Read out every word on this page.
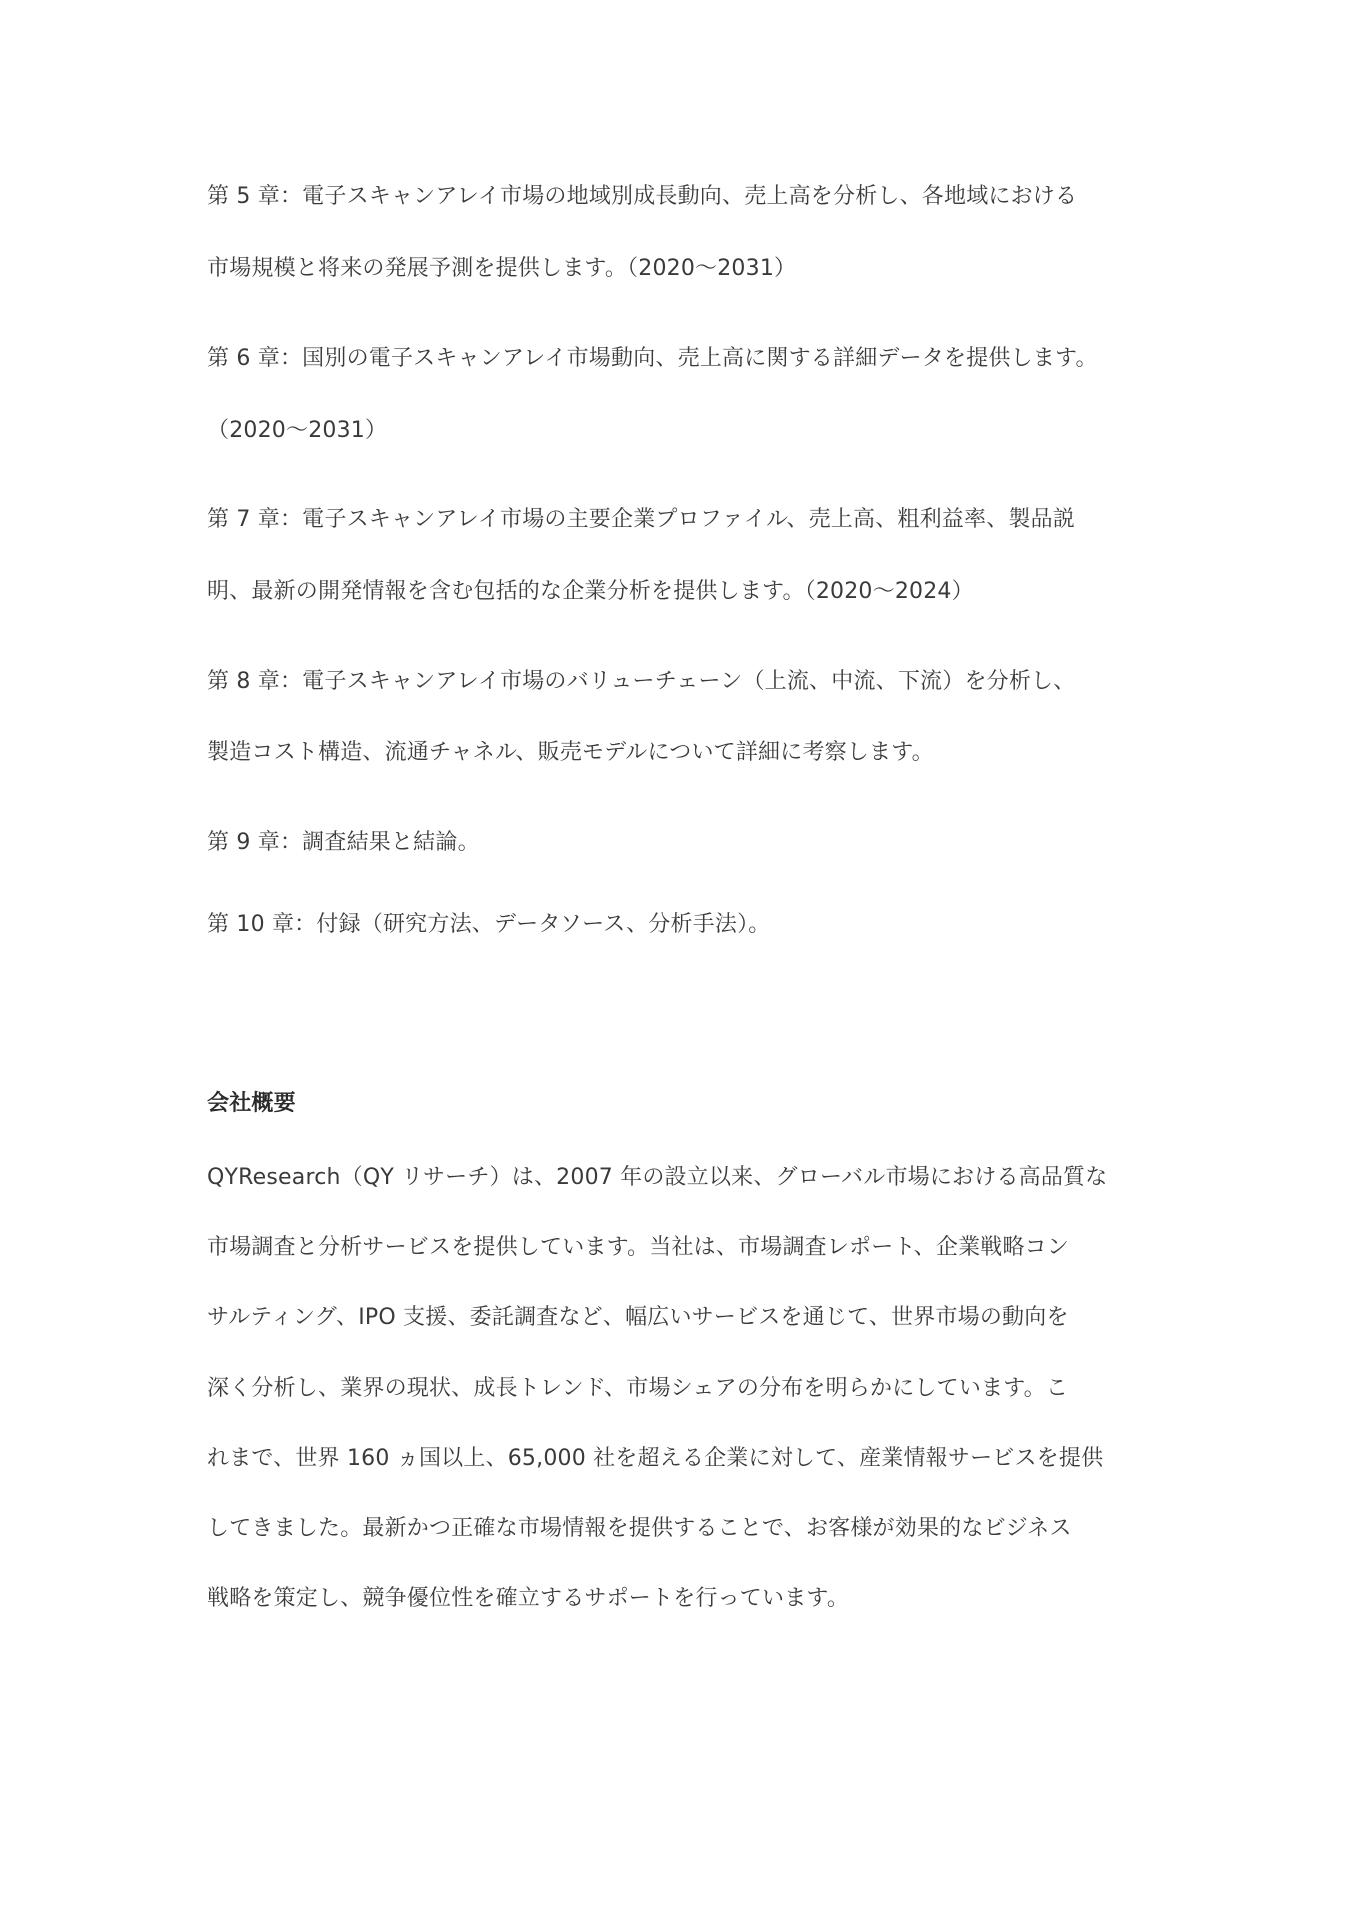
第 5 章：電子スキャンアレイ市場の地域別成長動向、売上高を分析し、各地域における

市場規模と将来の発展予測を提供します。（2020〜2031）

第 6 章：国別の電子スキャンアレイ市場動向、売上高に関する詳細データを提供します。

（2020〜2031）

第 7 章：電子スキャンアレイ市場の主要企業プロファイル、売上高、粗利益率、製品説

明、最新の開発情報を含む包括的な企業分析を提供します。（2020〜2024）

第 8 章：電子スキャンアレイ市場のバリューチェーン（上流、中流、下流）を分析し、

製造コスト構造、流通チャネル、販売モデルについて詳細に考察します。

第 9 章：調査結果と結論。

第 10 章：付録（研究方法、データソース、分析手法）。

会社概要

QYResearch（QY リサーチ）は、2007 年の設立以来、グローバル市場における高品質な

市場調査と分析サービスを提供しています。当社は、市場調査レポート、企業戦略コン

サルティング、IPO 支援、委託調査など、幅広いサービスを通じて、世界市場の動向を

深く分析し、業界の現状、成長トレンド、市場シェアの分布を明らかにしています。こ

れまで、世界 160 ヵ国以上、65,000 社を超える企業に対して、産業情報サービスを提供

してきました。最新かつ正確な市場情報を提供することで、お客様が効果的なビジネス

戦略を策定し、競争優位性を確立するサポートを行っています。
